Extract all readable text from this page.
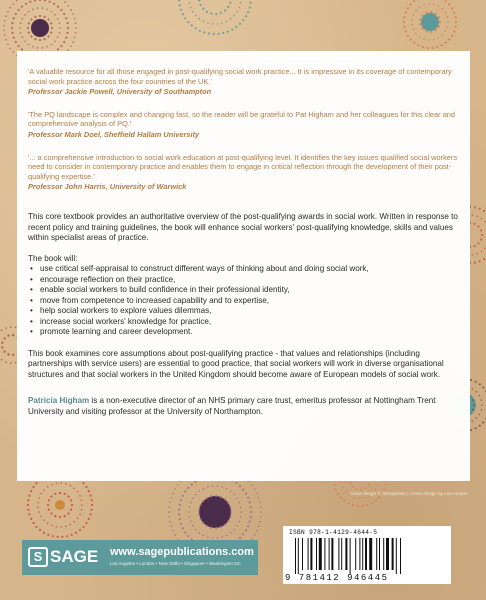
'A valuable resource for all those engaged in post-qualifying social work practice... It is impressive in its coverage of contemporary social work practice across the four countries of the UK.'
Professor Jackie Powell, University of Southampton
'The PQ landscape is complex and changing fast, so the reader will be grateful to Pat Higham and her colleagues for this clear and comprehensive analysis of PQ.'
Professor Mark Doel, Sheffield Hallam University
'... a comprehensive introduction to social work education at post-qualifying level. It identifies the key issues qualified social workers need to consider in contemporary practice and enables them to engage in critical reflection through the development of their post-qualifying expertise.'
Professor John Harris, University of Warwick

This core textbook provides an authoritative overview of the post-qualifying awards in social work. Written in response to recent policy and training guidelines, the book will enhance social workers' post-qualifying knowledge, skills and values within specialist areas of practice.

The book will:
• use critical self-appraisal to construct different ways of thinking about and doing social work,
• encourage reflection on their practice,
• enable social workers to build confidence in their professional identity,
• move from competence to increased capability and to expertise,
• help social workers to explore values dilemmas,
• increase social workers' knowledge for practice,
• promote learning and career development.

This book examines core assumptions about post-qualifying practice - that values and relationships (including partnerships with service users) are essential to good practice, that social workers will work in diverse organisational structures and that social workers in the United Kingdom should become aware of European models of social work.

Patricia Higham is a non-executive director of an NHS primary care trust, emeritus professor at Nottingham Trent University and visiting professor at the University of Northampton.

Cover image © iStockphoto | Cover design by Lisa Harper
S SAGE www.sagepublications.com
Los Angeles • London • New Delhi • Singapore • Washington DC
ISBN 978-1-4129-4644-5
9 781412 946445
